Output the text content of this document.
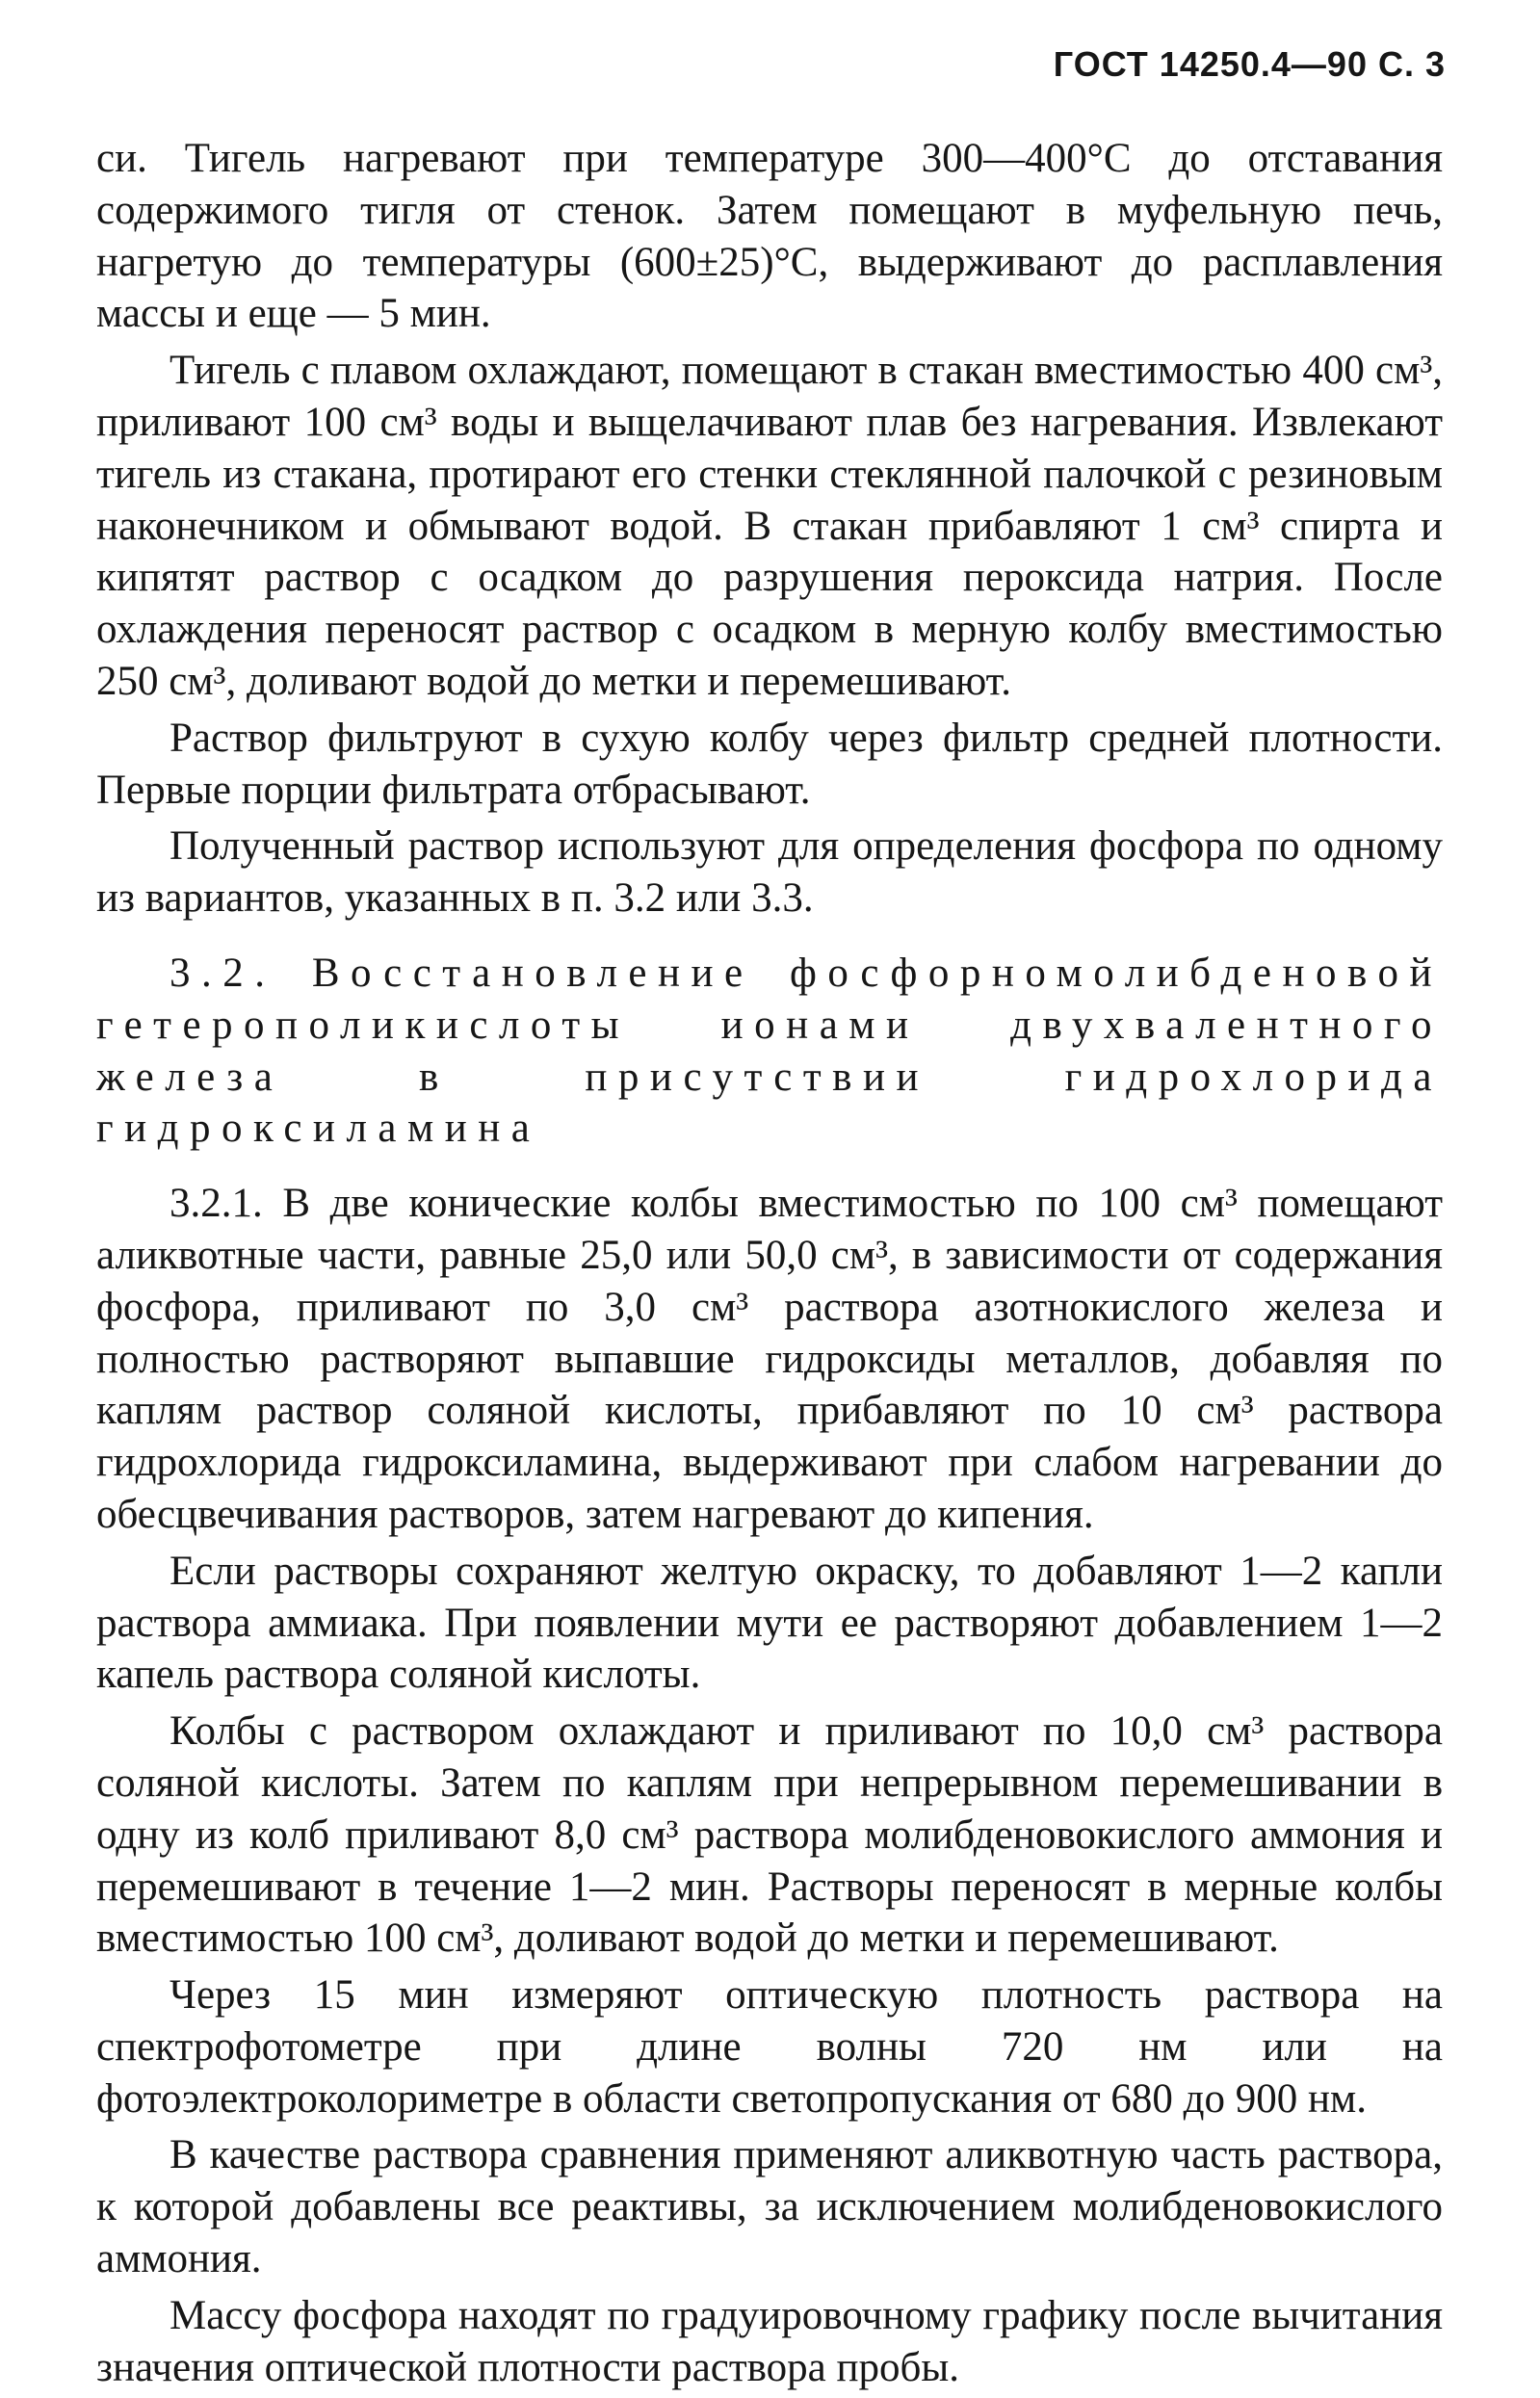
ГОСТ 14250.4—90 С. 3

си. Тигель нагревают при температуре 300—400°С до отставания содержимого тигля от стенок. Затем помещают в муфельную печь, нагретую до температуры (600±25)°С, выдерживают до расплавления массы и еще — 5 мин.

Тигель с плавом охлаждают, помещают в стакан вместимостью 400 см³, приливают 100 см³ воды и выщелачивают плав без нагревания. Извлекают тигель из стакана, протирают его стенки стеклянной палочкой с резиновым наконечником и обмывают водой. В стакан прибавляют 1 см³ спирта и кипятят раствор с осадком до разрушения пероксида натрия. После охлаждения переносят раствор с осадком в мерную колбу вместимостью 250 см³, доливают водой до метки и перемешивают.

Раствор фильтруют в сухую колбу через фильтр средней плотности. Первые порции фильтрата отбрасывают.

Полученный раствор используют для определения фосфора по одному из вариантов, указанных в п. 3.2 или 3.3.

3.2. Восстановление фосфорномолибденовой гетерополикислоты ионами двухвалентного железа в присутствии гидрохлорида гидроксиламина

3.2.1. В две конические колбы вместимостью по 100 см³ помещают аликвотные части, равные 25,0 или 50,0 см³, в зависимости от содержания фосфора, приливают по 3,0 см³ раствора азотнокислого железа и полностью растворяют выпавшие гидроксиды металлов, добавляя по каплям раствор соляной кислоты, прибавляют по 10 см³ раствора гидрохлорида гидроксиламина, выдерживают при слабом нагревании до обесцвечивания растворов, затем нагревают до кипения.

Если растворы сохраняют желтую окраску, то добавляют 1—2 капли раствора аммиака. При появлении мути ее растворяют добавлением 1—2 капель раствора соляной кислоты.

Колбы с раствором охлаждают и приливают по 10,0 см³ раствора соляной кислоты. Затем по каплям при непрерывном перемешивании в одну из колб приливают 8,0 см³ раствора молибденовокислого аммония и перемешивают в течение 1—2 мин. Растворы переносят в мерные колбы вместимостью 100 см³, доливают водой до метки и перемешивают.

Через 15 мин измеряют оптическую плотность раствора на спектрофотометре при длине волны 720 нм или на фотоэлектроколориметре в области светопропускания от 680 до 900 нм.

В качестве раствора сравнения применяют аликвотную часть раствора, к которой добавлены все реактивы, за исключением молибденовокислого аммония.

Массу фосфора находят по градуировочному графику после вычитания значения оптической плотности раствора пробы.
